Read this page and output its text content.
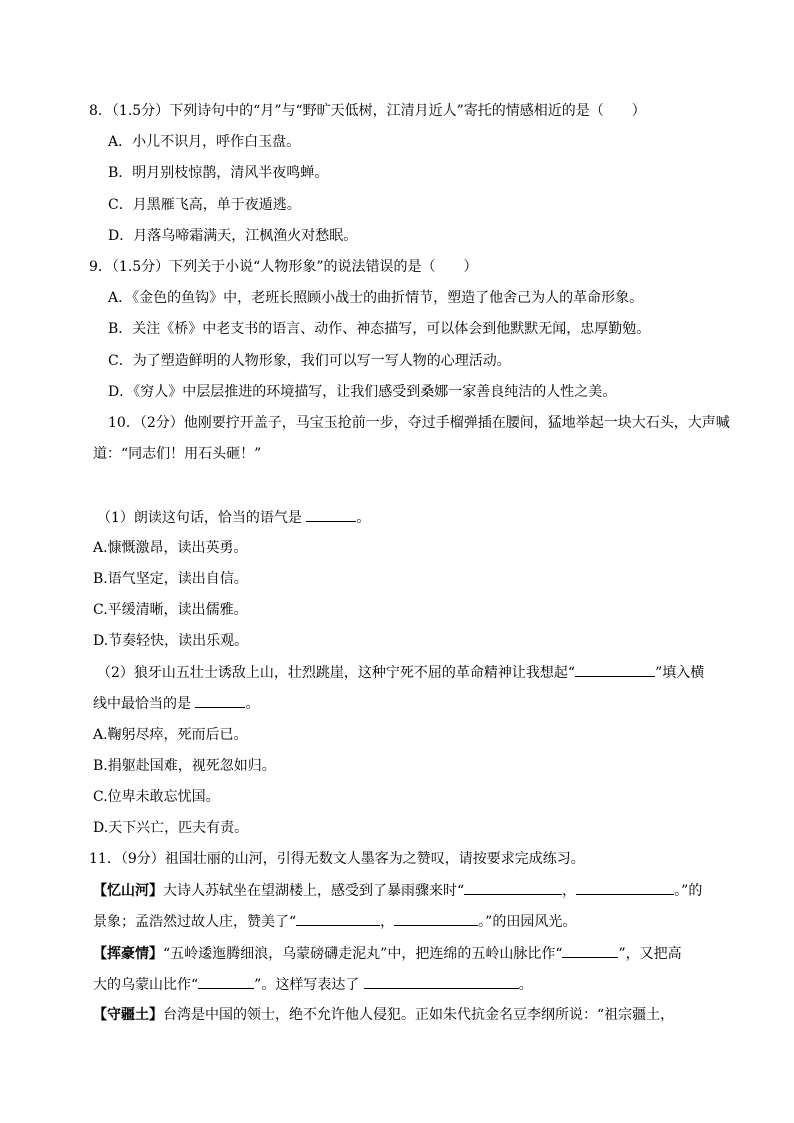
8．（1.5分）下列诗句中的“月”与“野旷天低树，江清月近人”寄托的情感相近的是（　　）
A．小儿不识月，呼作白玉盘。
B．明月别枝惊鹊，清风半夜鸣蝉。
C．月黑雁飞高，单于夜遁逃。
D．月落乌啼霜满天，江枫渔火对愁眠。
9．（1.5分）下列关于小说“人物形象”的说法错误的是（　　）
A．《金色的鱼钩》中，老班长照顾小战士的曲折情节，塑造了他舍己为人的革命形象。
B．关注《桥》中老支书的语言、动作、神态描写，可以体会到他默默无闻，忠厚勤勉。
C．为了塑造鲜明的人物形象，我们可以写一写人物的心理活动。
D．《穷人》中层层推进的环境描写，让我们感受到桑娜一家善良纯洁的人性之美。
10．（2分）他刚要拧开盖子，马宝玉抢前一步，夺过手榴弹插在腰间，猛地举起一块大石头，大声喊
道：“同志们！用石头砸！”
（1）朗读这句话，恰当的语气是	。
A.慷慨激昂，读出英勇。
B.语气坚定，读出自信。
C.平缓清晰，读出儒雅。
D.节奏轻快，读出乐观。
（2）狼牙山五壮士诱敌上山，壮烈跳崖，这种宁死不屈的革命精神让我想起“	”填入横
线中最恰当的是	。
A.鞠躬尽瘁，死而后已。
B.捐躯赴国难，视死忽如归。
C.位卑未敢忘忧国。
D.天下兴亡，匹夫有责。
11．（9分）祖国壮丽的山河，引得无数文人墨客为之赞叹，请按要求完成练习。
【忆山河】大诗人苏轼坐在望湖楼上，感受到了暴雨骤来时“	，	。”的
景象；孟浩然过故人庄，赞美了“	，	。”的田园风光。
【挥豪情】“五岭逶迤腾细浪，乌蒙磅礴走泥丸”中，把连绵的五岭山脉比作“	”，又把高
大的乌蒙山比作“	”。这样写表达了	。
【守疆土】台湾是中国的领士，绝不允许他人侵犯。正如朱代抗金名豆李纲所说：“祖宗疆土，
